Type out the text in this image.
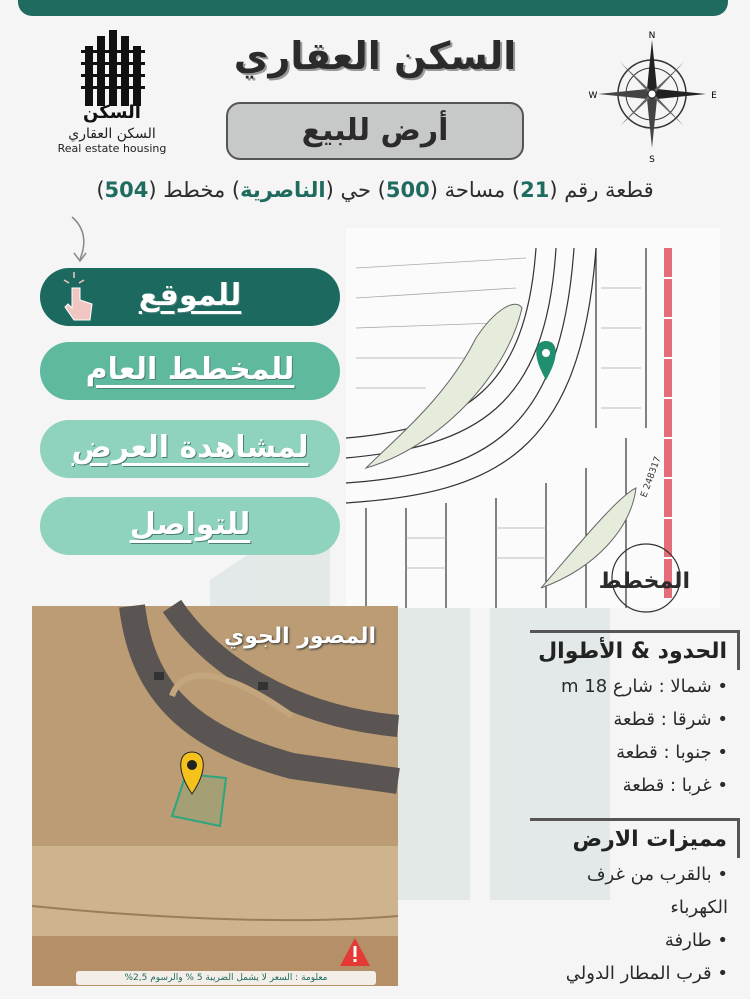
السكن
السكن العقاري
Real estate housing
السكن العقاري
أرض للبيع
N
S
E
W
قطعة رقم (21) مساحة (500) حي (الناصرية) مخطط (504)
للموقع
للمخطط العام
لمشاهدة العرض
للتواصل
E 248317
المخطط
المصور الجوي
معلومة : السعر لا يشمل الضريبة 5 % والرسوم 2,5%
الحدود & الأطوال
• شمالا : شارع 18 m
• شرقا : قطعة
• جنوبا : قطعة
• غربا : قطعة
مميزات الارض
• بالقرب من غرف الكهرباء
• طارفة
• قرب المطار الدولي
